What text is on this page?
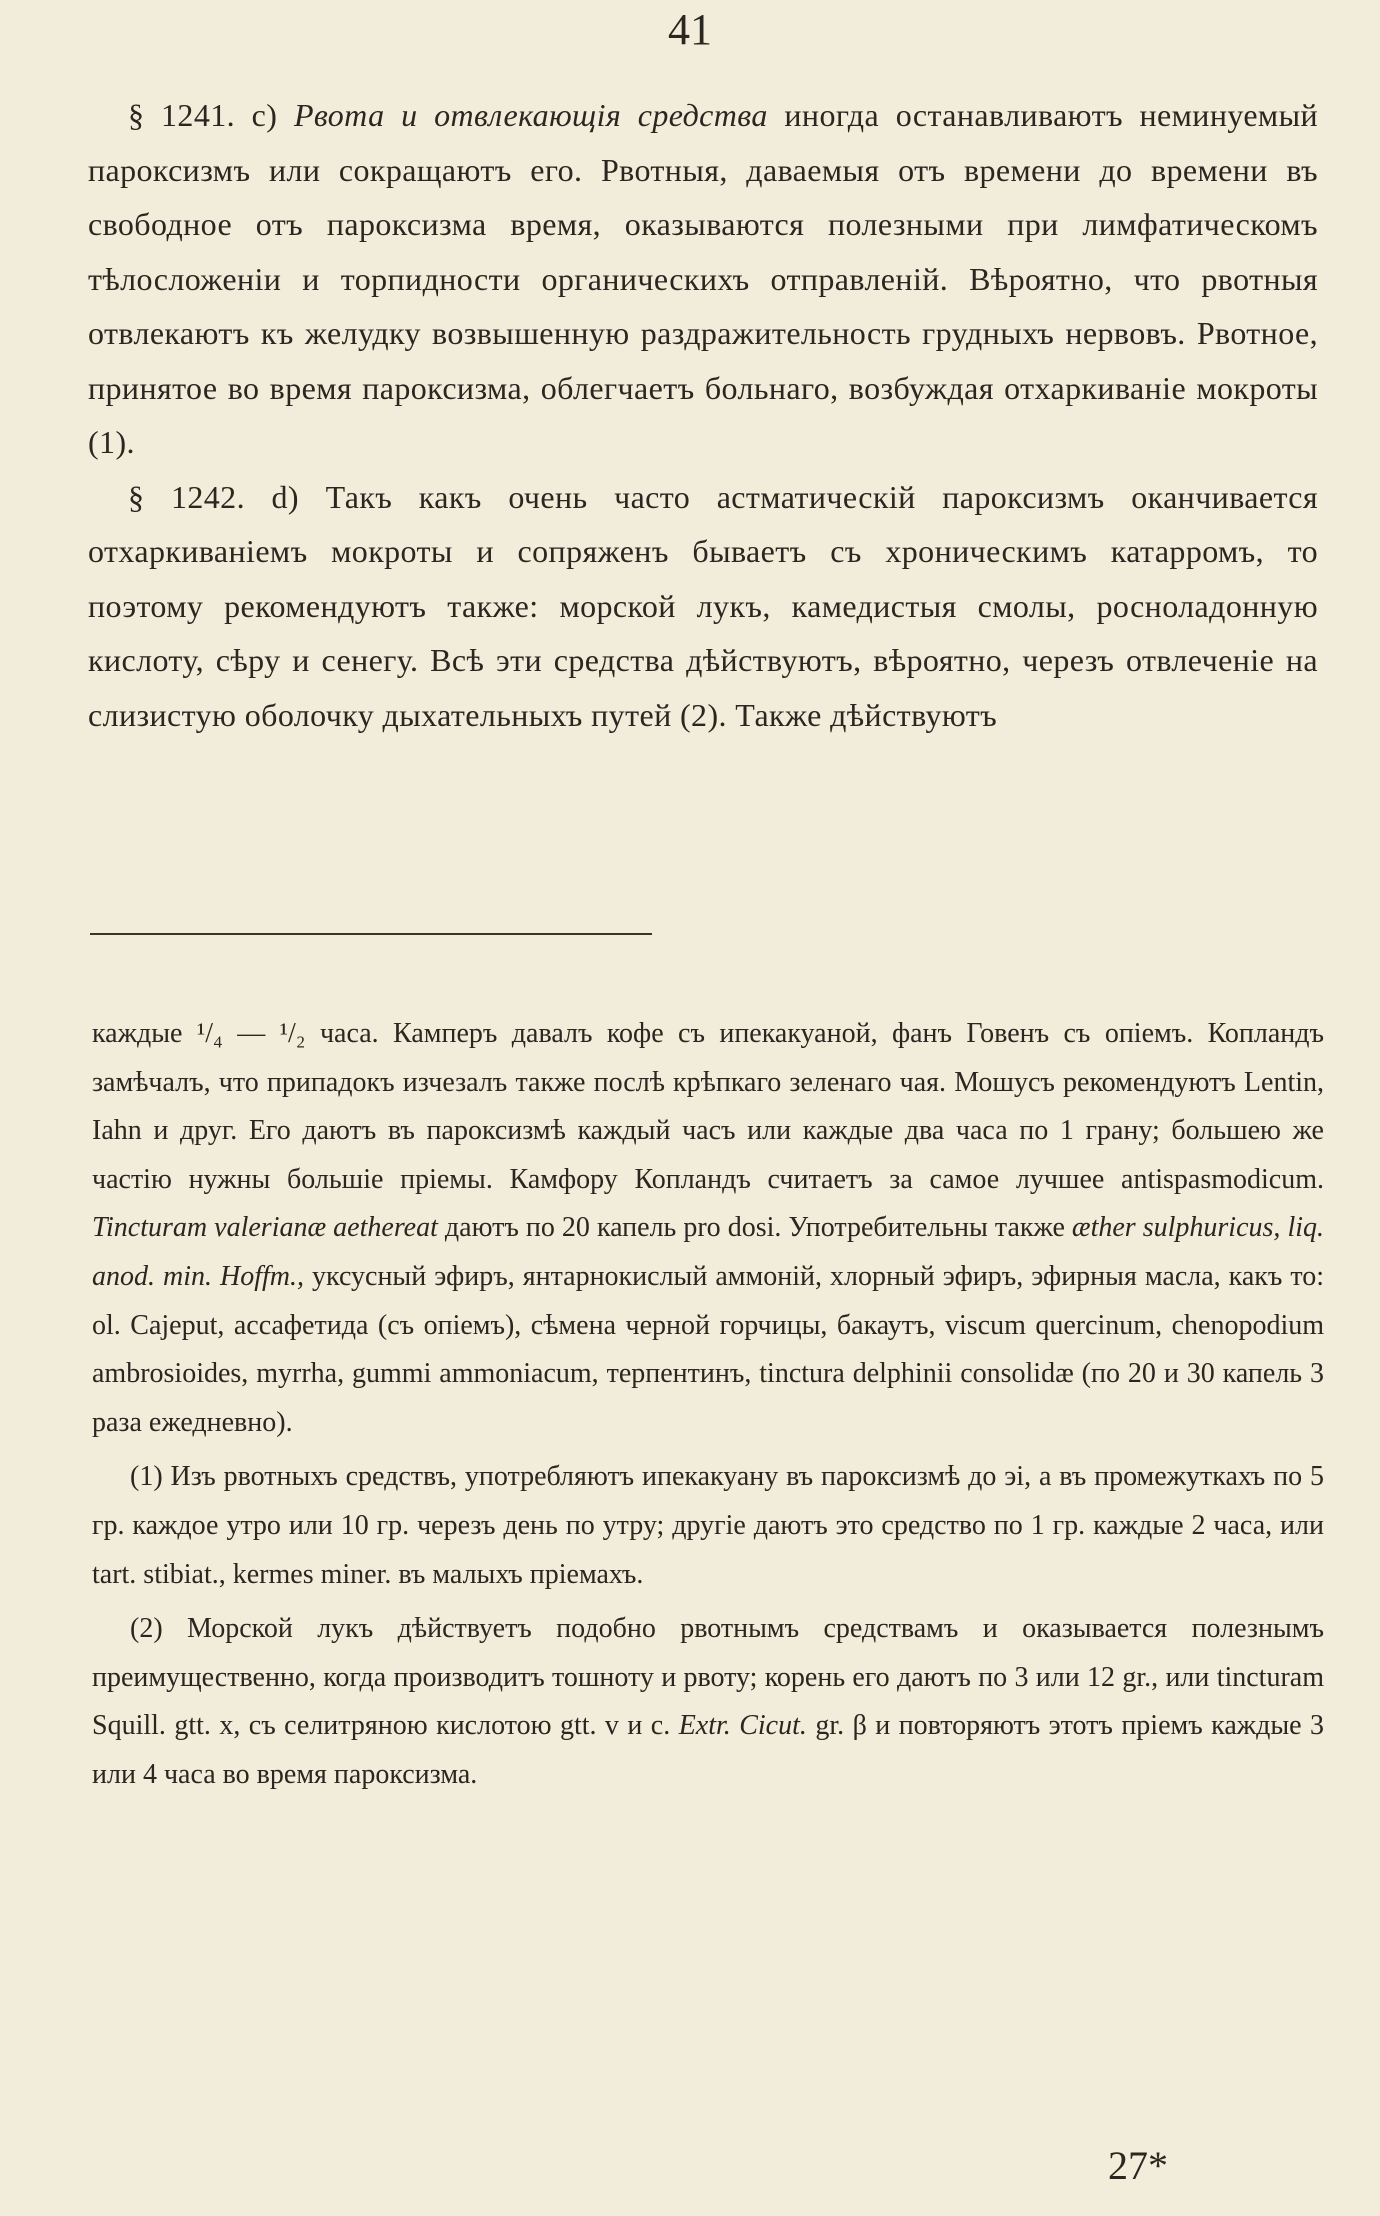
41

§ 1241. c) Рвота и отвлекающія средства иногда останавливаютъ неминуемый пароксизмъ или сокращаютъ его. Рвотныя, даваемыя отъ времени до времени въ свободное отъ пароксизма время, оказываются полезными при лимфатическомъ тѣлосложеніи и торпидности органическихъ отправленій. Вѣроятно, что рвотныя отвлекаютъ къ желудку возвышенную раздражительность грудныхъ нервовъ. Рвотное, принятое во время пароксизма, облегчаетъ больнаго, возбуждая отхаркиваніе мокроты (1).

§ 1242. d) Такъ какъ очень часто астматическій пароксизмъ оканчивается отхаркиваніемъ мокроты и сопряженъ бываетъ съ хроническимъ катарромъ, то поэтому рекомендуютъ также: морской лукъ, камедистыя смолы, росноладонную кислоту, сѣру и сенегу. Всѣ эти средства дѣйствуютъ, вѣроятно, черезъ отвлеченіе на слизистую оболочку дыхательныхъ путей (2). Также дѣйствуютъ

каждые ¹/₄ — ¹/₂ часа. Камперъ давалъ кофе съ ипекакуаной, фанъ Говенъ съ опіемъ. Копландъ замѣчалъ, что припадокъ изчезалъ также послѣ крѣпкаго зеленаго чая. Мошусъ рекомендуютъ Lentin, Iahn и друг. Его даютъ въ пароксизмѣ каждый часъ или каждые два часа по 1 грану; большею же частію нужны большіе пріемы. Камфору Копландъ считаетъ за самое лучшее antispasmodicum. Tincturam valerianæ aethereat даютъ по 20 капель pro dosi. Употребительны также æther sulphuricus, liq. anod. min. Hoffm., уксусный эфиръ, янтарнокислый аммоній, хлорный эфиръ, эфирныя масла, какъ то: ol. Cajeput, ассафетида (съ опіемъ), сѣмена черной горчицы, бакаутъ, viscum quercinum, chenopodium ambrosioides, myrrha, gummi ammoniacum, терпентинъ, tinctura delphinii consolidæ (по 20 и 30 капель 3 раза ежедневно).

(1) Изъ рвотныхъ средствъ, употребляютъ ипекакуану въ пароксизмѣ до эі, а въ промежуткахъ по 5 гр. каждое утро или 10 гр. черезъ день по утру; другіе даютъ это средство по 1 гр. каждые 2 часа, или tart. stibiat., kermes miner. въ малыхъ пріемахъ.

(2) Морской лукъ дѣйствуетъ подобно рвотнымъ средствамъ и оказывается полезнымъ преимущественно, когда производитъ тошноту и рвоту; корень его даютъ по 3 или 12 gr., или tincturam Squill. gtt. x, съ селитряною кислотою gtt. v и с. Extr. Cicut. gr. β и повторяютъ этотъ пріемъ каждые 3 или 4 часа во время пароксизма.

27*
